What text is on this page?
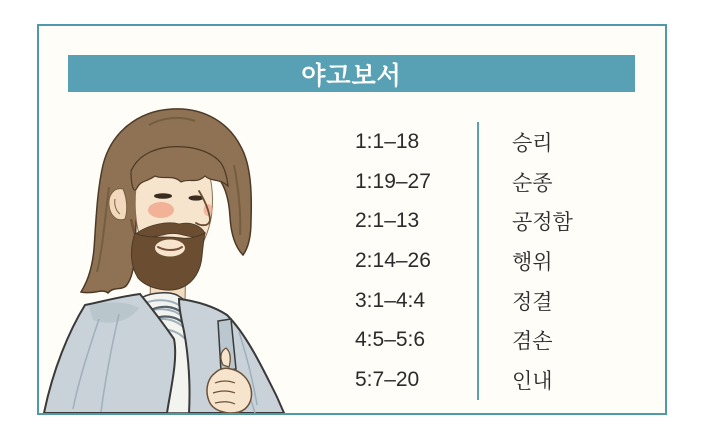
야고보서
1:1–18	승리
1:19–27	순종
2:1–13	공정함
2:14–26	행위
3:1–4:4	정결
4:5–5:6	겸손
5:7–20	인내
